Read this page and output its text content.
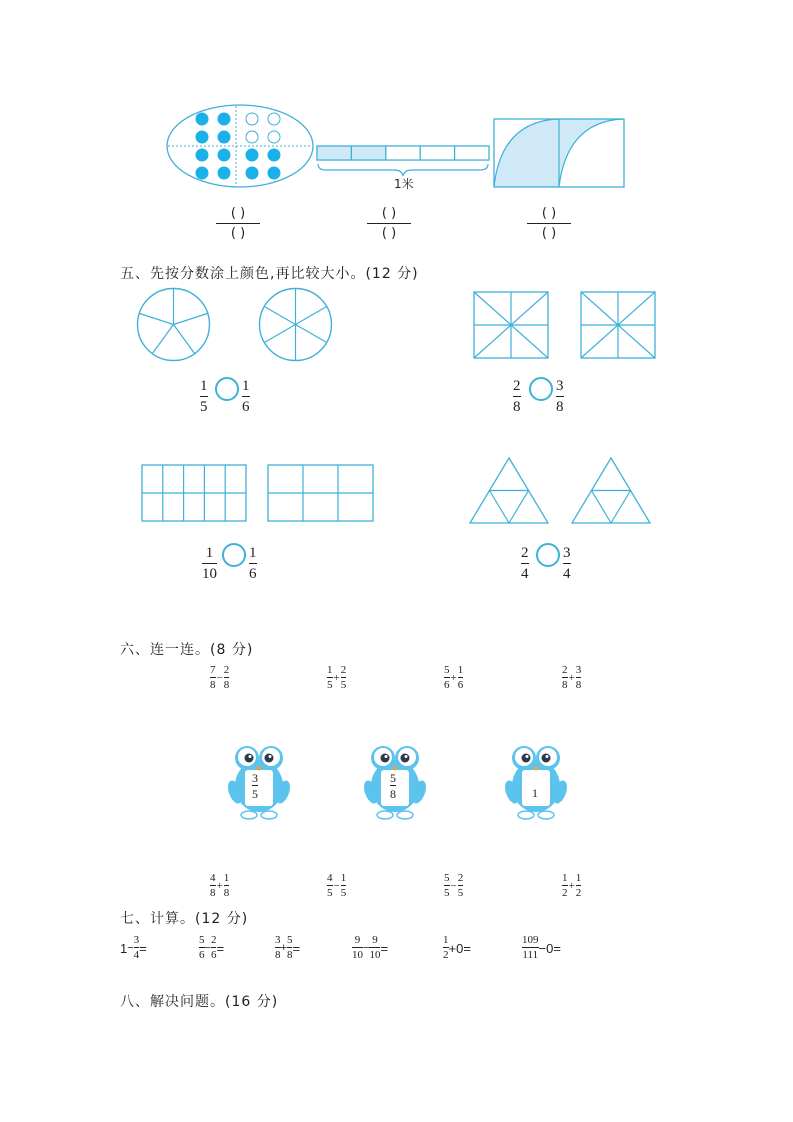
1米
( )
( )
( )
( )
( )
( )
五、先按分数涂上颜色,再比较大小。(12 分)
1
5
1
6
2
8
3
8
1
10
1
6
2
4
3
4
六、连一连。(8 分)
$\frac{7}{8} - \frac{2}{8}$	$\frac{1}{5} + \frac{2}{5}$	$\frac{5}{6} + \frac{1}{6}$	$\frac{2}{8} + \frac{3}{8}$
3
5
5
8	1
$\frac{4}{8} + \frac{1}{8}$	$\frac{4}{5} - \frac{1}{5}$	$\frac{5}{5} - \frac{2}{5}$	$\frac{1}{2} + \frac{1}{2}$
七、计算。(12 分)
$1 - \frac{3}{4}$ =	$\frac{5}{6} - \frac{2}{6}$ =	$\frac{3}{8} + \frac{5}{8}$ =	$\frac{9}{10} - \frac{9}{10}$ =	$\frac{1}{2} +0=$	$\frac{109}{111} -0=$
八、解决问题。(16 分)
